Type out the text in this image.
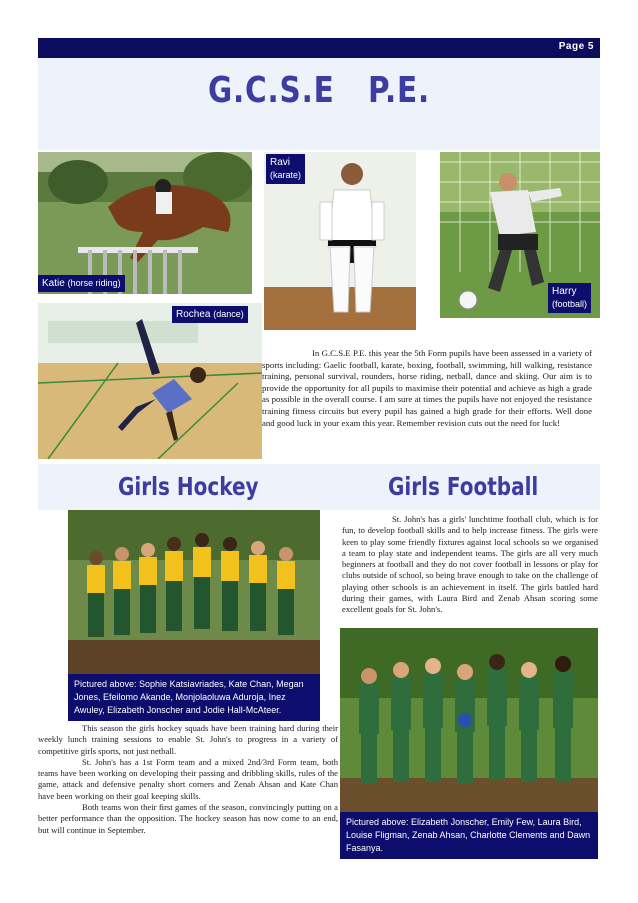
Page 5
G.C.S.E   P.E.
Katie (horse riding)
Ravi
(karate)
Harry
(football)
Rochea (dance)

In G.C.S.E P.E. this year the 5th Form pupils have been assessed in a variety of sports including: Gaelic football, karate, boxing, football, swimming, hill walking, resistance training, personal survival, rounders, horse riding, netball, dance and skiing. Our aim is to provide the opportunity for all pupils to maximise their potential and achieve as high a grade as possible in the overall course. I am sure at times the pupils have not enjoyed the resistance training fitness circuits but every pupil has gained a high grade for their efforts. Well done and good luck in your exam this year. Remember revision cuts out the need for luck!

Girls Hockey	Girls Football
Pictured above: Sophie Katsiavriades, Kate Chan, Megan Jones, Efeilomo Akande, Monjolaoluwa Aduroja, Inez Awuley, Elizabeth Jonscher and Jodie Hall-McAteer.

St. John's has a girls' lunchtime football club, which is for fun, to develop football skills and to help increase fitness. The girls were keen to play some friendly fixtures against local schools so we organised a team to play state and independent teams. The girls are all very much beginners at football and they do not cover football in lessons or play for clubs outside of school, so being brave enough to take on the challenge of playing other schools is an achievement in itself. The girls battled hard during their games, with Laura Bird and Zenab Ahsan scoring some excellent goals for St. John's.

Pictured above: Elizabeth Jonscher, Emily Few, Laura Bird, Louise Fligman, Zenab Ahsan, Charlotte Clements and Dawn Fasanya.

This season the girls hockey squads have been training hard during their weekly lunch training sessions to enable St. John's to progress in a variety of competitive girls sports, not just netball.

St. John's has a 1st Form team and a mixed 2nd/3rd Form team, both teams have been working on developing their passing and dribbling skills, rules of the game, attack and defensive penalty short corners and Zenab Ahsan and Kate Chan have been working on their goal keeping skills.

Both teams won their first games of the season, convincingly putting on a better performance than the opposition. The hockey season has now come to an end, but will continue in September.
